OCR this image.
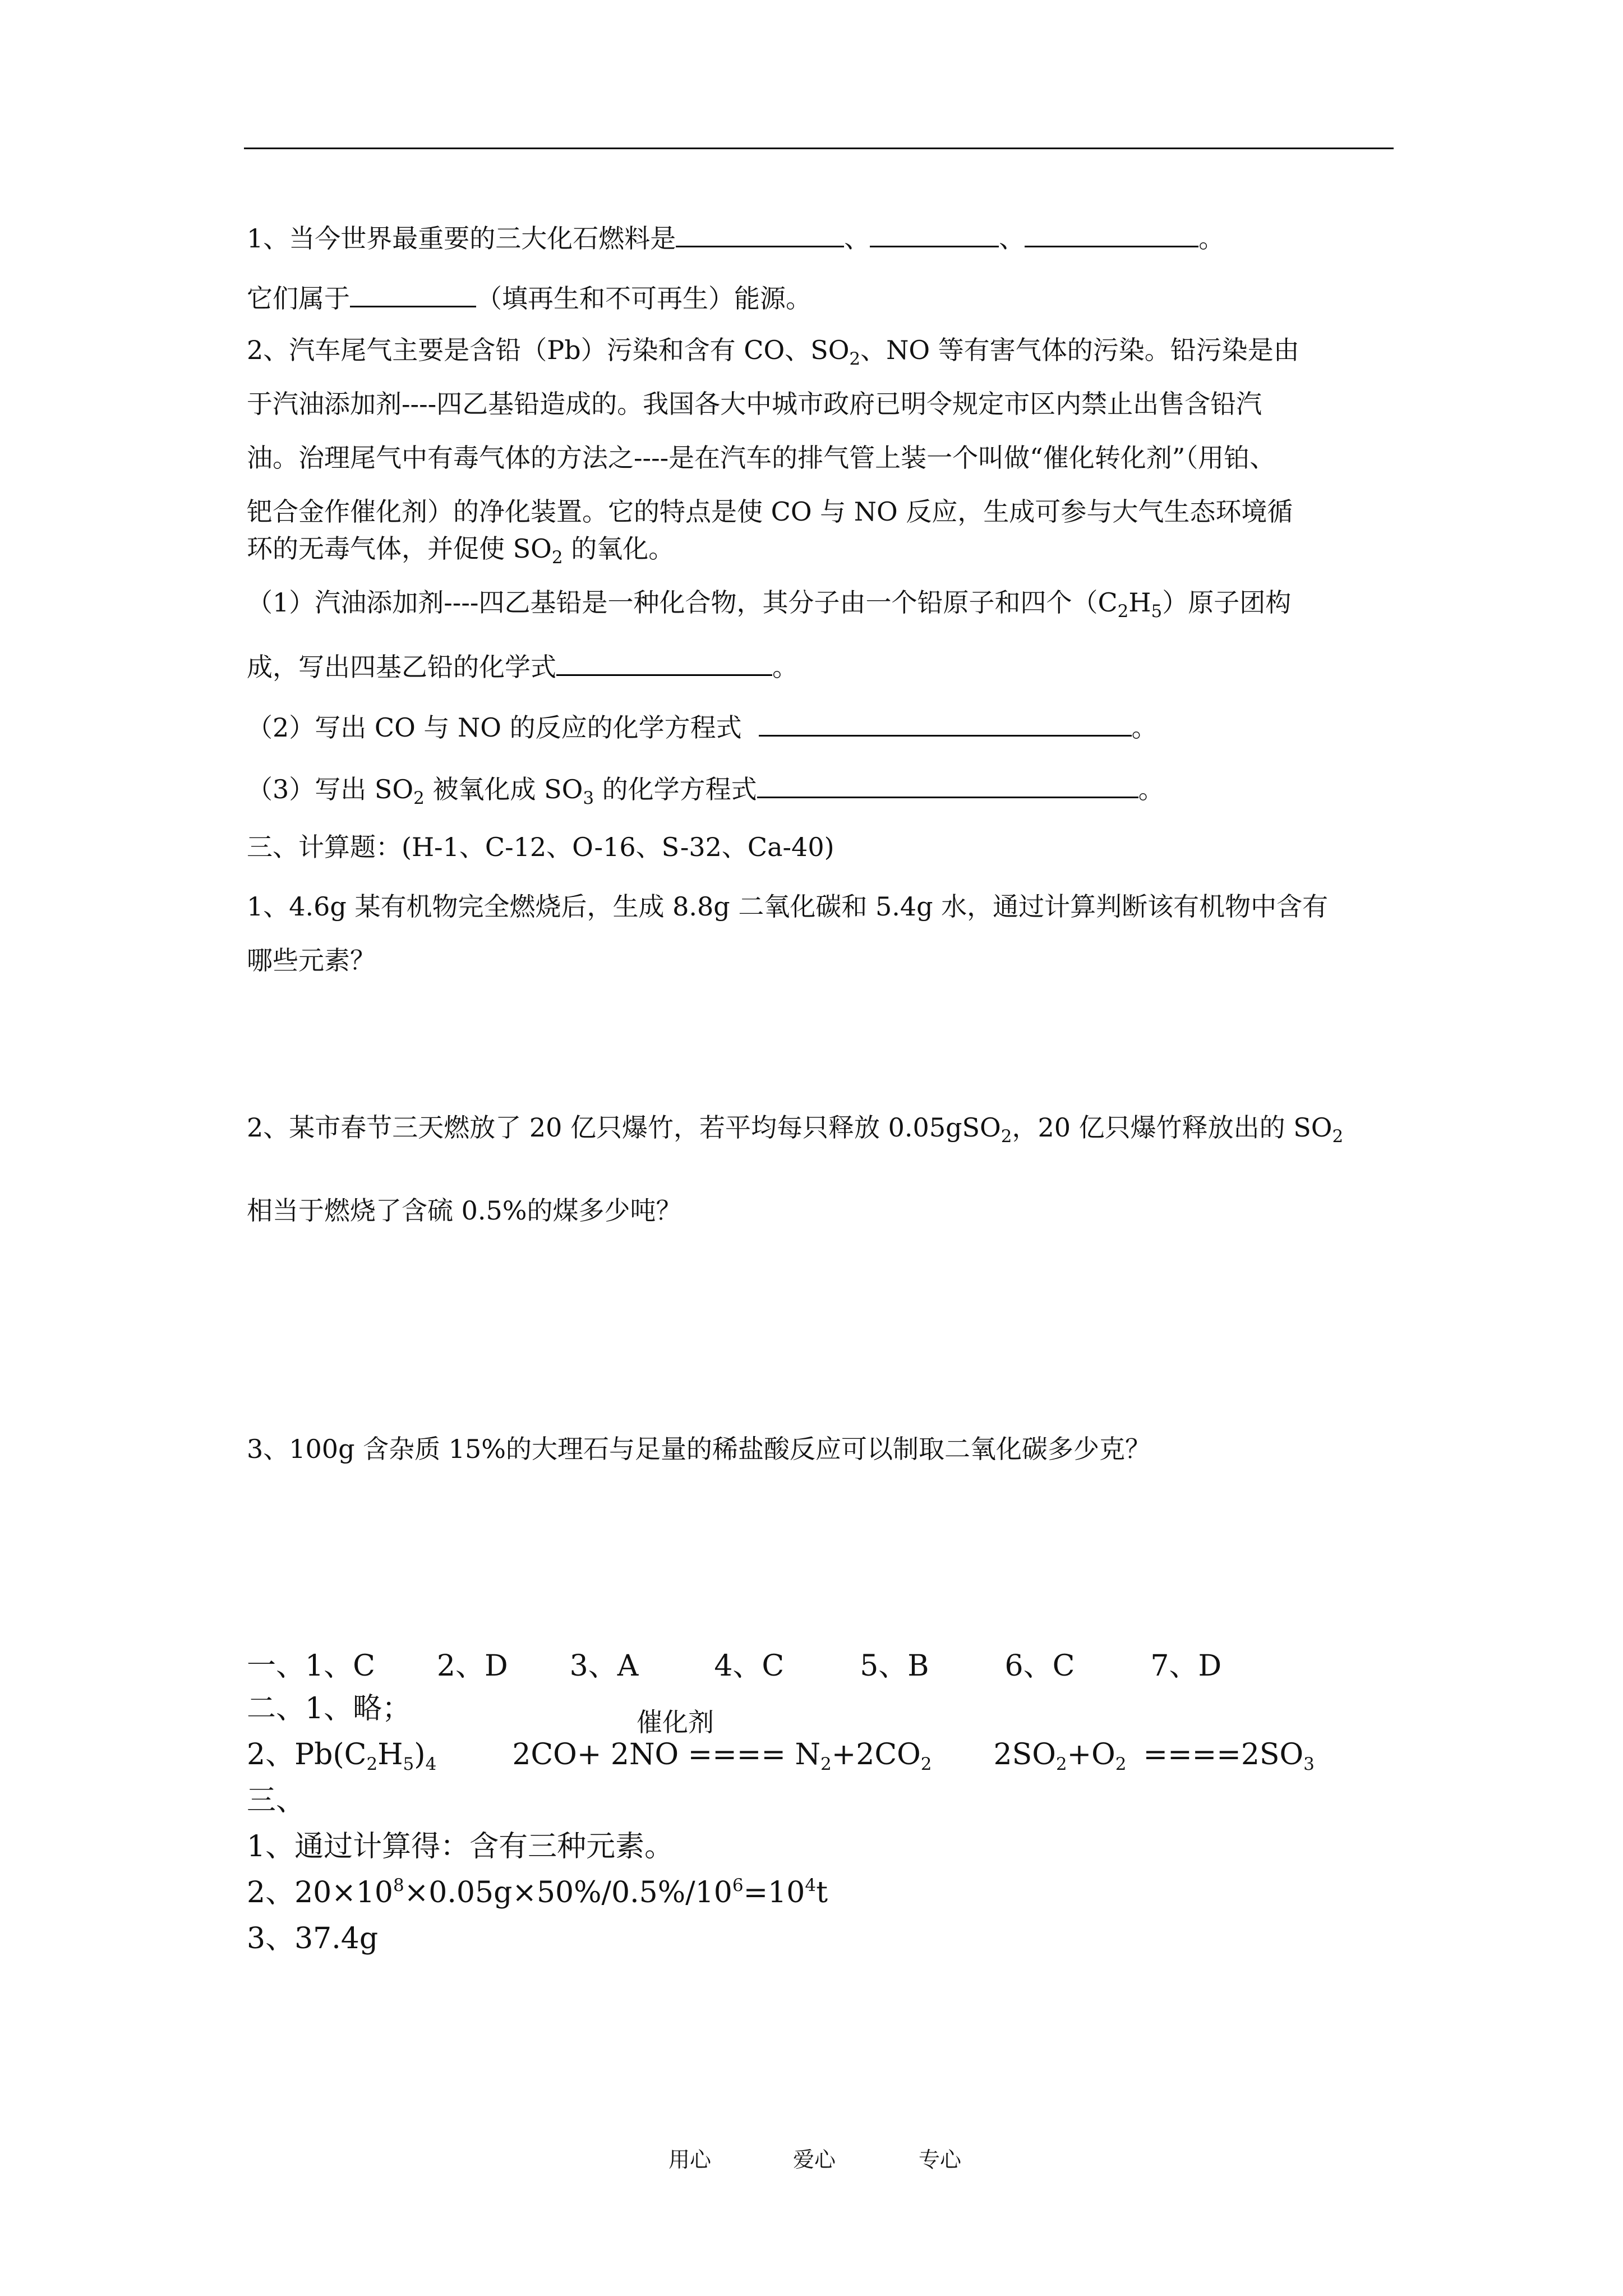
1、当今世界最重要的三大化石燃料是	、	、	。
它们属于	（填再生和不可再生）能源。
2、汽车尾气主要是含铅（Pb）污染和含有 CO、$SO_2$、NO 等有害气体的污染。铅污染是由
于汽油添加剂----四乙基铅造成的。我国各大中城市政府已明令规定市区内禁止出售含铅汽
油。治理尾气中有毒气体的方法之----是在汽车的排气管上装一个叫做“催化转化剂”（用铂、
钯合金作催化剂）的净化装置。它的特点是使 CO 与 NO 反应，生成可参与大气生态环境循
环的无毒气体，并促使 $SO_2$ 的氧化。
（1）汽油添加剂----四乙基铅是一种化合物，其分子由一个铅原子和四个$(C_2H_5)$原子团构
成，写出四基乙铅的化学式	。
（2）写出 CO 与 NO 的反应的化学方程式	。
（3）写出 $SO_2$ 被氧化成 $SO_3$ 的化学方程式	。
三、计算题：(H-1、C-12、O-16、S-32、Ca-40)
1、4.6g 某有机物完全燃烧后，生成 8.8g 二氧化碳和 5.4g 水，通过计算判断该有机物中含有
哪些元素？
2、某市春节三天燃放了 20 亿只爆竹，若平均每只释放 0.05gSO$_2$，20 亿只爆竹释放出的 $SO_2$
相当于燃烧了含硫 0.5%的煤多少吨？
3、100g 含杂质 15%的大理石与足量的稀盐酸反应可以制取二氧化碳多少克？
一、1、C 2、D 3、A	4、C	5、B	6、C	7、D
二、1、略；	催化剂
2、$Pb(C_2H_5)_4$	2CO+ 2NO ==== $N_2+2CO_2$ $2SO_2+O_2 ====2SO_3$
三、
1、通过计算得：含有三种元素。
2、$20\times 10^8\times 0.05g\times 50\%/0.5\%/10^6=10^4t$
3、37.4g
用心	爱心	专心
